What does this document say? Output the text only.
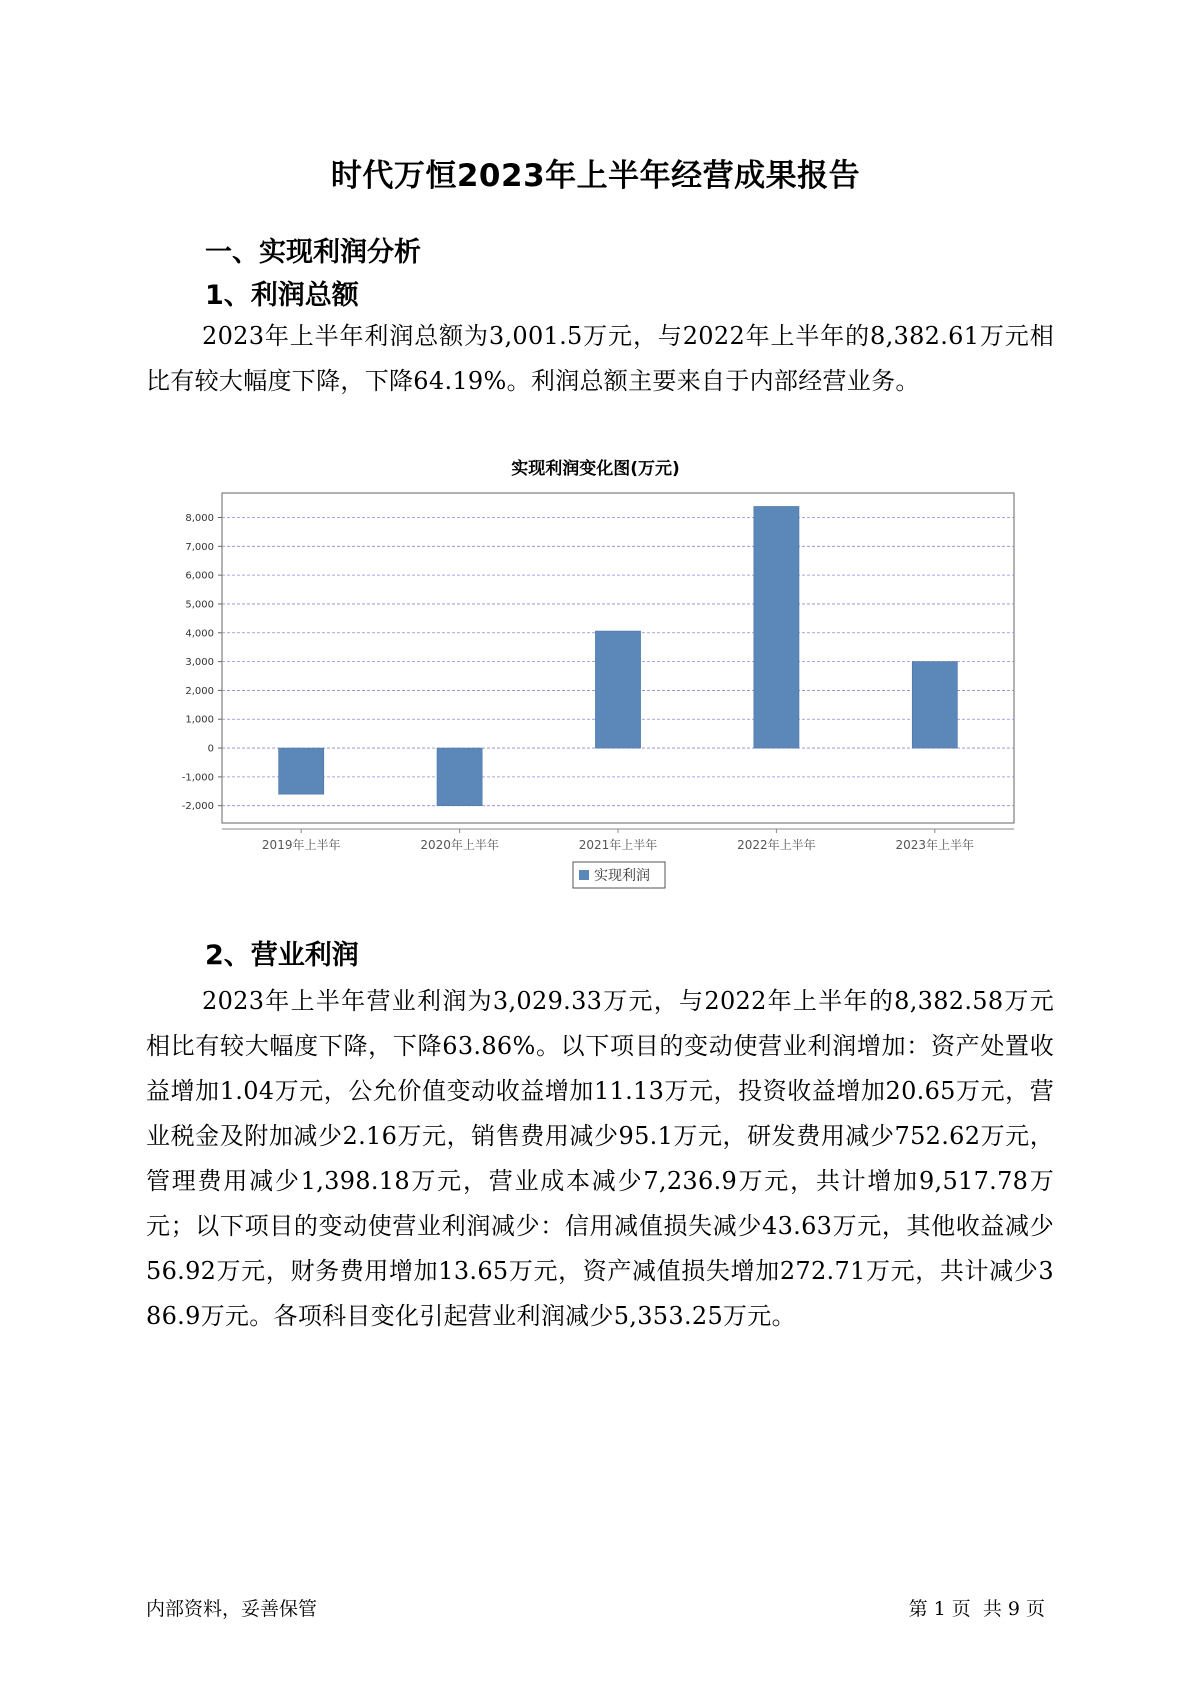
时代万恒2023年上半年经营成果报告
一、实现利润分析
1、利润总额
2023年上半年利润总额为3,001.5万元，与2022年上半年的8,382.61万元相比有较大幅度下降，下降64.19%。利润总额主要来自于内部经营业务。
实现利润变化图(万元)
8,000
7,000
6,000
5,000
4,000
3,000
2,000
1,000
0
-1,000
-2,000
2019年上半年	2020年上半年	2021年上半年	2022年上半年	2023年上半年
实现利润
2、营业利润
2023年上半年营业利润为3,029.33万元，与2022年上半年的8,382.58万元相比有较大幅度下降，下降63.86%。以下项目的变动使营业利润增加：资产处置收益增加1.04万元，公允价值变动收益增加11.13万元，投资收益增加20.65万元，营业税金及附加减少2.16万元，销售费用减少95.1万元，研发费用减少752.62万元，管理费用减少1,398.18万元，营业成本减少7,236.9万元，共计增加9,517.78万元；以下项目的变动使营业利润减少：信用减值损失减少43.63万元，其他收益减少56.92万元，财务费用增加13.65万元，资产减值损失增加272.71万元，共计减少386.9万元。各项科目变化引起营业利润减少5,353.25万元。
内部资料，妥善保管	第 1 页 共 9 页
